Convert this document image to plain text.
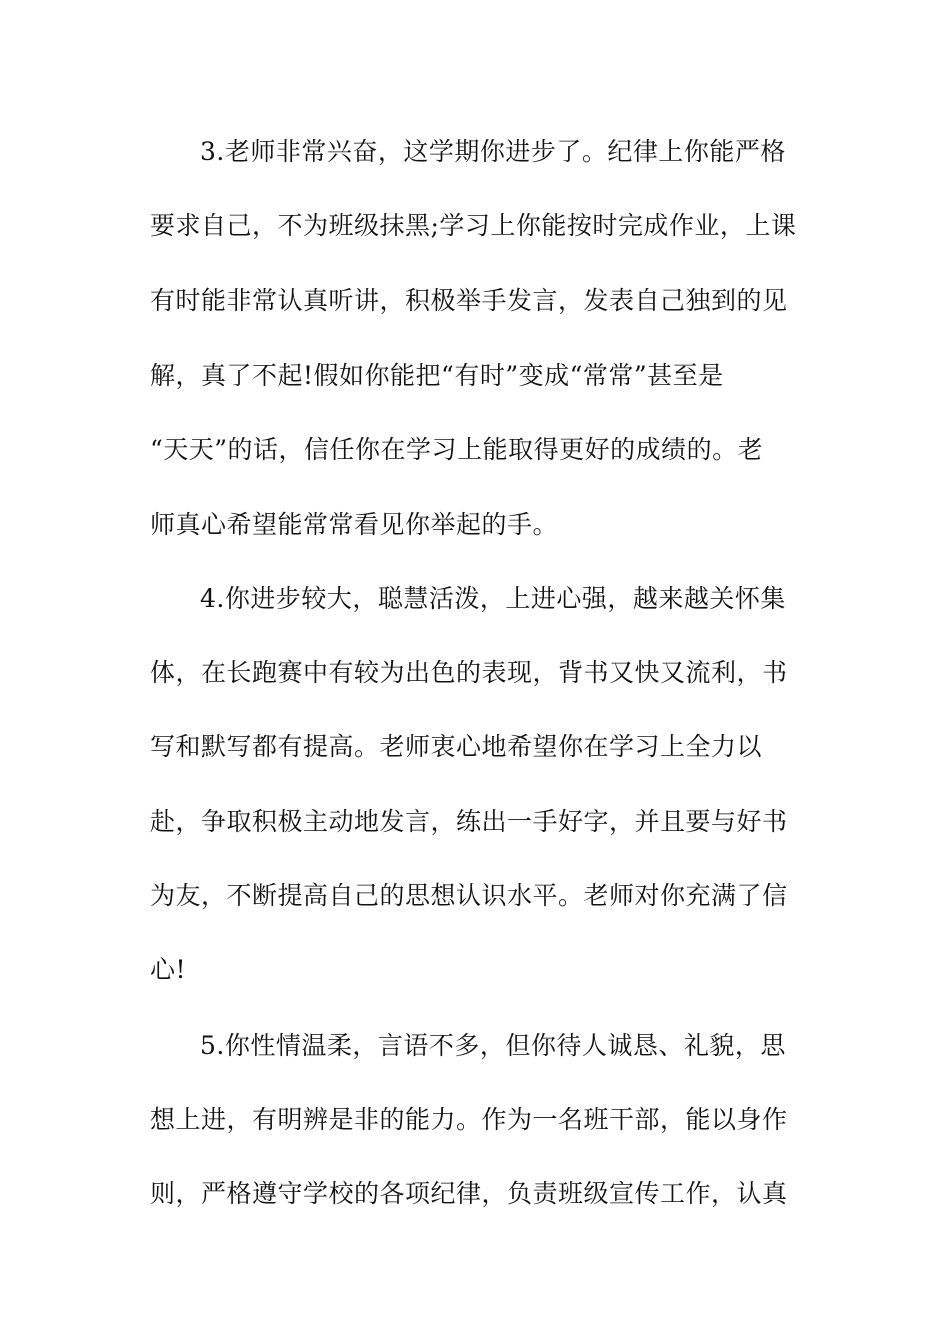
3.老师非常兴奋，这学期你进步了。纪律上你能严格
要求自己，不为班级抹黑;学习上你能按时完成作业，上课
有时能非常认真听讲，积极举手发言，发表自己独到的见
解，真了不起!假如你能把“有时”变成“常常”甚至是
“天天”的话，信任你在学习上能取得更好的成绩的。老
师真心希望能常常看见你举起的手。
4.你进步较大，聪慧活泼，上进心强，越来越关怀集
体，在长跑赛中有较为出色的表现，背书又快又流利，书
写和默写都有提高。老师衷心地希望你在学习上全力以
赴，争取积极主动地发言，练出一手好字，并且要与好书
为友，不断提高自己的思想认识水平。老师对你充满了信
心!
5.你性情温柔，言语不多，但你待人诚恳、礼貌，思
想上进，有明辨是非的能力。作为一名班干部，能以身作
则，严格遵守学校的各项纪律，负责班级宣传工作，认真
